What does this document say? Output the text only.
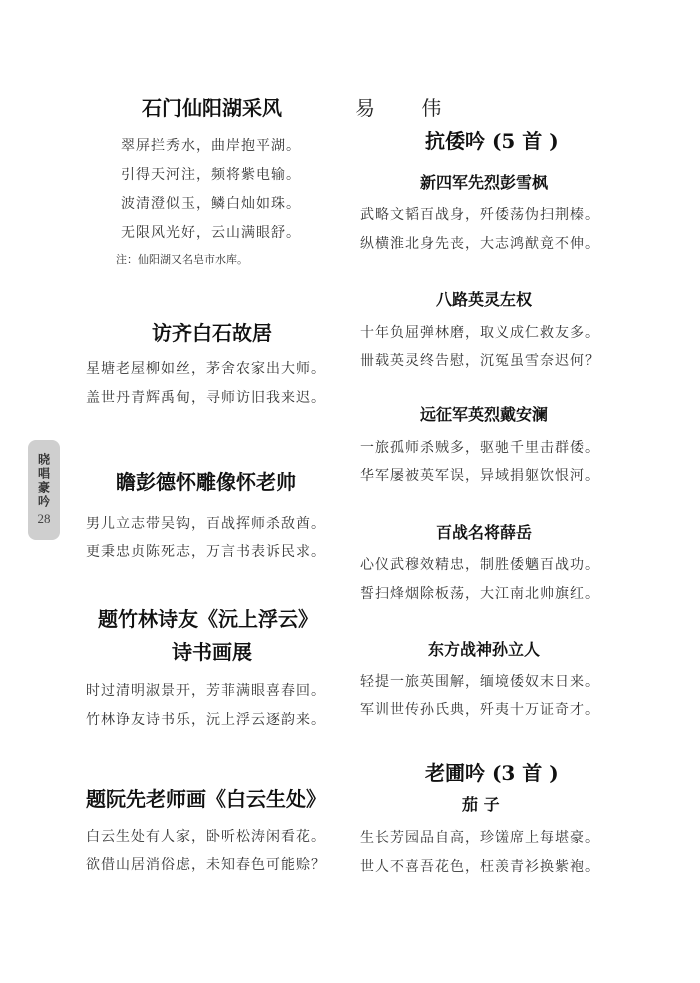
易 伟
晓唱豪吟
28
石门仙阳湖采风
翠屏拦秀水，曲岸抱平湖。
引得天河注，频将紫电输。
波清澄似玉，鳞白灿如珠。
无限风光好，云山满眼舒。
注：仙阳湖又名皂市水库。
访齐白石故居
星塘老屋柳如丝，茅舍农家出大师。
盖世丹青辉禹甸，寻师访旧我来迟。
瞻彭德怀雕像怀老帅
男儿立志带吴钩，百战挥师杀敌酋。
更秉忠贞陈死志，万言书表诉民求。
题竹林诗友《沅上浮云》
诗书画展
时过清明淑景开，芳菲满眼喜春回。
竹林诤友诗书乐，沅上浮云逐韵来。
题阮先老师画《白云生处》
白云生处有人家，卧听松涛闲看花。
欲借山居消俗虑，未知春色可能赊？
抗倭吟 (5 首 )
新四军先烈彭雪枫
武略文韬百战身，歼倭荡伪扫荆榛。
纵横淮北身先丧，大志鸿猷竟不伸。
八路英灵左权
十年负屈弹林磨，取义成仁救友多。
卌载英灵终告慰，沉冤虽雪奈迟何？
远征军英烈戴安澜
一旅孤师杀贼多，驱驰千里击群倭。
华军屡被英军误，异域捐躯饮恨河。
百战名将薛岳
心仪武穆效精忠，制胜倭魑百战功。
誓扫烽烟除板荡，大江南北帅旗红。
东方战神孙立人
轻提一旅英围解，缅境倭奴末日来。
军训世传孙氏典，歼夷十万证奇才。
老圃吟 (3 首 )
茄 子
生长芳园品自高，珍馐席上每堪豪。
世人不喜吾花色，枉羡青衫换紫袍。
